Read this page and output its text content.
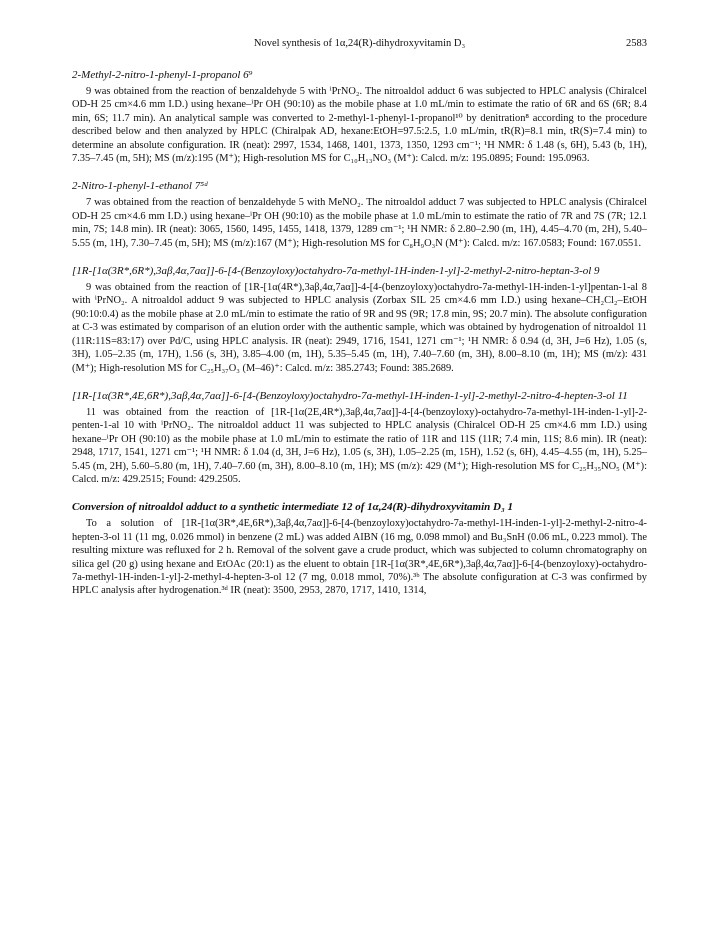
Novel synthesis of 1α,24(R)-dihydroxyvitamin D₃	2583
2-Methyl-2-nitro-1-phenyl-1-propanol 6⁹

9 was obtained from the reaction of benzaldehyde 5 with ⁱPrNO₂. The nitroaldol adduct 6 was subjected to HPLC analysis (Chiralcel OD-H 25 cm×4.6 mm I.D.) using hexane–ⁱPr OH (90:10) as the mobile phase at 1.0 mL/min to estimate the ratio of 6R and 6S (6R; 8.4 min, 6S; 11.7 min). An analytical sample was converted to 2-methyl-1-phenyl-1-propanol¹⁰ by denitration⁸ according to the procedure described below and then analyzed by HPLC (Chiralpak AD, hexane:EtOH=97.5:2.5, 1.0 mL/min, tR(R)=8.1 min, tR(S)=7.4 min) to determine an absolute configuration. IR (neat): 2997, 1534, 1468, 1401, 1373, 1350, 1293 cm⁻¹; ¹H NMR: δ 1.48 (s, 6H), 5.43 (b, 1H), 7.35–7.45 (m, 5H); MS (m/z):195 (M⁺); High-resolution MS for C₁₀H₁₃NO₃ (M⁺): Calcd. m/z: 195.0895; Found: 195.0963.

2-Nitro-1-phenyl-1-ethanol 7⁵ᵈ

7 was obtained from the reaction of benzaldehyde 5 with MeNO₂. The nitroaldol adduct 7 was subjected to HPLC analysis (Chiralcel OD-H 25 cm×4.6 mm I.D.) using hexane–ⁱPr OH (90:10) as the mobile phase at 1.0 mL/min to estimate the ratio of 7R and 7S (7R; 12.1 min, 7S; 14.8 min). IR (neat): 3065, 1560, 1495, 1455, 1418, 1379, 1289 cm⁻¹; ¹H NMR: δ 2.80–2.90 (m, 1H), 4.45–4.70 (m, 2H), 5.40–5.55 (m, 1H), 7.30–7.45 (m, 5H); MS (m/z):167 (M⁺); High-resolution MS for C₈H₉O₃N (M⁺): Calcd. m/z: 167.0583; Found: 167.0551.

[1R-[1α(3R*,6R*),3aβ,4α,7aα]]-6-[4-(Benzoyloxy)octahydro-7a-methyl-1H-inden-1-yl]-2-methyl-2-nitro-heptan-3-ol 9

9 was obtained from the reaction of [1R-[1α(4R*),3aβ,4α,7aα]]-4-[4-(benzoyloxy)octahydro-7a-methyl-1H-inden-1-yl]pentan-1-al 8 with ⁱPrNO₂. A nitroaldol adduct 9 was subjected to HPLC analysis (Zorbax SIL 25 cm×4.6 mm I.D.) using hexane–CH₂Cl₂–EtOH (90:10:0.4) as the mobile phase at 2.0 mL/min to estimate the ratio of 9R and 9S (9R; 17.8 min, 9S; 20.7 min). The absolute configuration at C-3 was estimated by comparison of an elution order with the authentic sample, which was obtained by hydrogenation of nitroaldol 11 (11R:11S=83:17) over Pd/C, using HPLC analysis. IR (neat): 2949, 1716, 1541, 1271 cm⁻¹; ¹H NMR: δ 0.94 (d, 3H, J=6 Hz), 1.05 (s, 3H), 1.05–2.35 (m, 17H), 1.56 (s, 3H), 3.85–4.00 (m, 1H), 5.35–5.45 (m, 1H), 7.40–7.60 (m, 3H), 8.00–8.10 (m, 1H); MS (m/z): 431 (M⁺); High-resolution MS for C₂₅H₃₇O₃ (M–46)⁺: Calcd. m/z: 385.2743; Found: 385.2689.

[1R-[1α(3R*,4E,6R*),3aβ,4α,7aα]]-6-[4-(Benzoyloxy)octahydro-7a-methyl-1H-inden-1-yl]-2-methyl-2-nitro-4-hepten-3-ol 11

11 was obtained from the reaction of [1R-[1α(2E,4R*),3aβ,4α,7aα]]-4-[4-(benzoyloxy)-octahydro-7a-methyl-1H-inden-1-yl]-2-penten-1-al 10 with ⁱPrNO₂. The nitroaldol adduct 11 was subjected to HPLC analysis (Chiralcel OD-H 25 cm×4.6 mm I.D.) using hexane–ⁱPr OH (90:10) as the mobile phase at 1.0 mL/min to estimate the ratio of 11R and 11S (11R; 7.4 min, 11S; 8.6 min). IR (neat): 2948, 1717, 1541, 1271 cm⁻¹; ¹H NMR: δ 1.04 (d, 3H, J=6 Hz), 1.05 (s, 3H), 1.05–2.25 (m, 15H), 1.52 (s, 6H), 4.45–4.55 (m, 1H), 5.25–5.45 (m, 2H), 5.60–5.80 (m, 1H), 7.40–7.60 (m, 3H), 8.00–8.10 (m, 1H); MS (m/z): 429 (M⁺); High-resolution MS for C₂₅H₃₅NO₅ (M⁺): Calcd. m/z: 429.2515; Found: 429.2505.

Conversion of nitroaldol adduct to a synthetic intermediate 12 of 1α,24(R)-dihydroxyvitamin D₃ 1

To a solution of [1R-[1α(3R*,4E,6R*),3aβ,4α,7aα]]-6-[4-(benzoyloxy)octahydro-7a-methyl-1H-inden-1-yl]-2-methyl-2-nitro-4-hepten-3-ol 11 (11 mg, 0.026 mmol) in benzene (2 mL) was added AIBN (16 mg, 0.098 mmol) and Bu₃SnH (0.06 mL, 0.223 mmol). The resulting mixture was refluxed for 2 h. Removal of the solvent gave a crude product, which was subjected to column chromatography on silica gel (20 g) using hexane and EtOAc (20:1) as the eluent to obtain [1R-[1α(3R*,4E,6R*),3aβ,4α,7aα]]-6-[4-(benzoyloxy)-octahydro-7a-methyl-1H-inden-1-yl]-2-methyl-4-hepten-3-ol 12 (7 mg, 0.018 mmol, 70%).³ᵇ The absolute configuration at C-3 was confirmed by HPLC analysis after hydrogenation.³ᵈ IR (neat): 3500, 2953, 2870, 1717, 1410, 1314,
